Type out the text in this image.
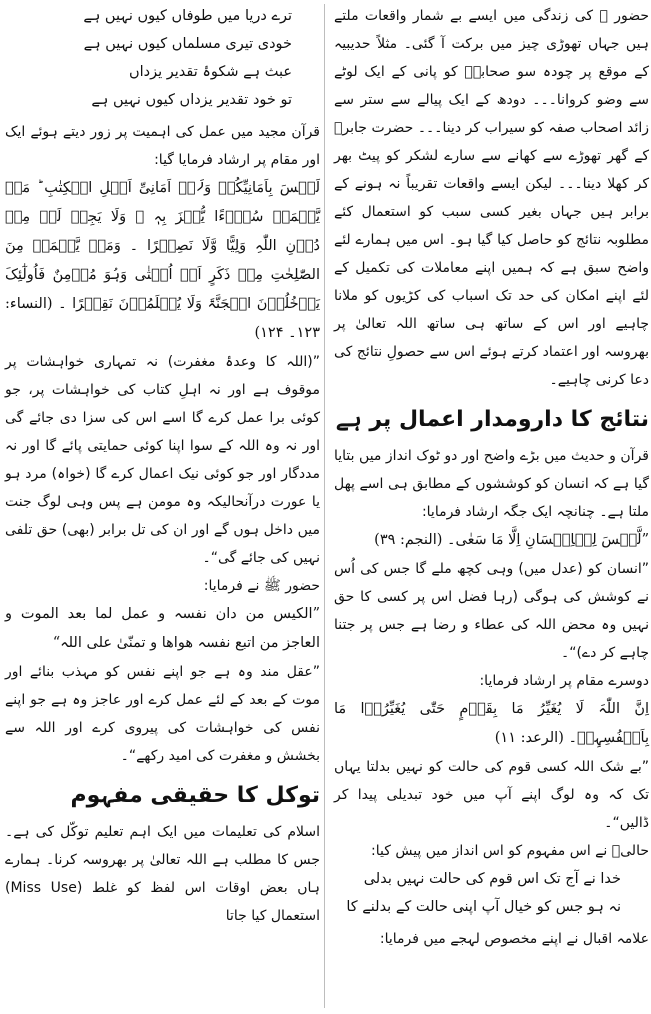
حضور ﷺ کی زندگی میں ایسے بے شمار واقعات ملتے ہیں جہاں تھوڑی چیز میں برکت آ گئی۔ مثلاً حدیبیہ کے موقع پر چودہ سو صحابہؓ کو پانی کے ایک لوٹے سے وضو کروانا۔۔۔ دودھ کے ایک پیالے سے ستر سے زائد اصحاب صفہ کو سیراب کر دینا۔۔۔ حضرت جابرؓ کے گھر تھوڑے سے کھانے سے سارے لشکر کو پیٹ بھر کر کھلا دینا۔۔۔ لیکن ایسے واقعات تقریباً نہ ہونے کے برابر ہیں جہاں بغیر کسی سبب کو استعمال کئے مطلوبہ نتائج کو حاصل کیا گیا ہو۔ اس میں ہمارے لئے واضح سبق ہے کہ ہمیں اپنے معاملات کی تکمیل کے لئے اپنے امکان کی حد تک اسباب کی کڑیوں کو ملانا چاہیے اور اس کے ساتھ ہی ساتھ اللہ تعالیٰ پر بھروسہ اور اعتماد کرتے ہوئے اس سے حصولِ نتائج کی دعا کرنی چاہیے۔

نتائج کا دارومدار اعمال پر ہے

قرآن و حدیث میں بڑے واضح اور دو ٹوک انداز میں بتایا گیا ہے کہ انسان کو کوششوں کے مطابق ہی اسے پھل ملتا ہے۔ چنانچہ ایک جگہ ارشاد فرمایا:

”لَّیۡسَ لِلۡاِنۡسَانِ اِلَّا مَا سَعٰی۔ (النجم: ۳۹)

”انسان کو (عدل میں) وہی کچھ ملے گا جس کی اُس نے کوشش کی ہوگی (رہا فضل اس پر کسی کا حق نہیں وہ محض اللہ کی عطاء و رضا ہے جس پر جتنا چاہے کر دے)“۔

دوسرے مقام پر ارشاد فرمایا:

اِنَّ اللّٰہَ لَا یُغَیِّرُ مَا بِقَوۡمٍ حَتّٰی یُغَیِّرُوۡا مَا بِاَنۡفُسِہِمۡ۔ (الرعد: ۱۱)

”بے شک اللہ کسی قوم کی حالت کو نہیں بدلتا یہاں تک کہ وہ لوگ اپنے آپ میں خود تبدیلی پیدا کر ڈالیں“۔

حالیؔ نے اس مفہوم کو اس انداز میں پیش کیا:

خدا نے آج تک اس قوم کی حالت نہیں بدلی
نہ ہو جس کو خیال آپ اپنی حالت کے بدلنے کا

علامہ اقبال نے اپنے مخصوص لہجے میں فرمایا:

ترے دریا میں طوفاں کیوں نہیں ہے
خودی تیری مسلماں کیوں نہیں ہے
عبث ہے شکوۂ تقدیر یزداں
تو خود تقدیر یزداں کیوں نہیں ہے

قرآن مجید میں عمل کی اہمیت پر زور دیتے ہوئے ایک اور مقام پر ارشاد فرمایا گیا:

لَیۡسَ بِاَمَانِیِّکُمۡ وَلَاۤ اَمَانِیِّ اَہۡلِ الۡکِتٰبِ ؕ مَنۡ یَّعۡمَلۡ سُوۡٓءًا یُّجۡزَ بِہٖ ۙ وَلَا یَجِدۡ لَہٗ مِنۡ دُوۡنِ اللّٰہِ وَلِیًّا وَّلَا نَصِیۡرًا ۔ وَمَنۡ یَّعۡمَلۡ مِنَ الصّٰلِحٰتِ مِنۡ ذَکَرٍ اَوۡ اُنۡثٰی وَہُوَ مُؤۡمِنٌ فَاُولٰٓئِکَ یَدۡخُلُوۡنَ الۡجَنَّۃَ وَلَا یُظۡلَمُوۡنَ نَقِیۡرًا ۔ (النساء: ۱۲۳۔ ۱۲۴)

”(اللہ کا وعدۂ مغفرت) نہ تمہاری خواہشات پر موقوف ہے اور نہ اہلِ کتاب کی خواہشات پر، جو کوئی برا عمل کرے گا اسے اس کی سزا دی جائے گی اور نہ وہ اللہ کے سوا اپنا کوئی حمایتی پائے گا اور نہ مددگار اور جو کوئی نیک اعمال کرے گا (خواہ) مرد ہو یا عورت درآنحالیکہ وہ مومن ہے پس وہی لوگ جنت میں داخل ہوں گے اور ان کی تل برابر (بھی) حق تلفی نہیں کی جائے گی“۔

حضور ﷺ نے فرمایا:

”الکیس من دان نفسہ و عمل لما بعد الموت و العاجز من اتبع نفسہ ھواھا و تمنّیٰ علی اللہ“

”عقل مند وہ ہے جو اپنے نفس کو مہذب بنائے اور موت کے بعد کے لئے عمل کرے اور عاجز وہ ہے جو اپنے نفس کی خواہشات کی پیروی کرے اور اللہ سے بخشش و مغفرت کی امید رکھے“۔

توکل کا حقیقی مفہوم

اسلام کی تعلیمات میں ایک اہم تعلیم توکّل کی ہے۔ جس کا مطلب ہے اللہ تعالیٰ پر بھروسہ کرنا۔ ہمارے ہاں بعض اوقات اس لفظ کو غلط (Miss Use) استعمال کیا جاتا
